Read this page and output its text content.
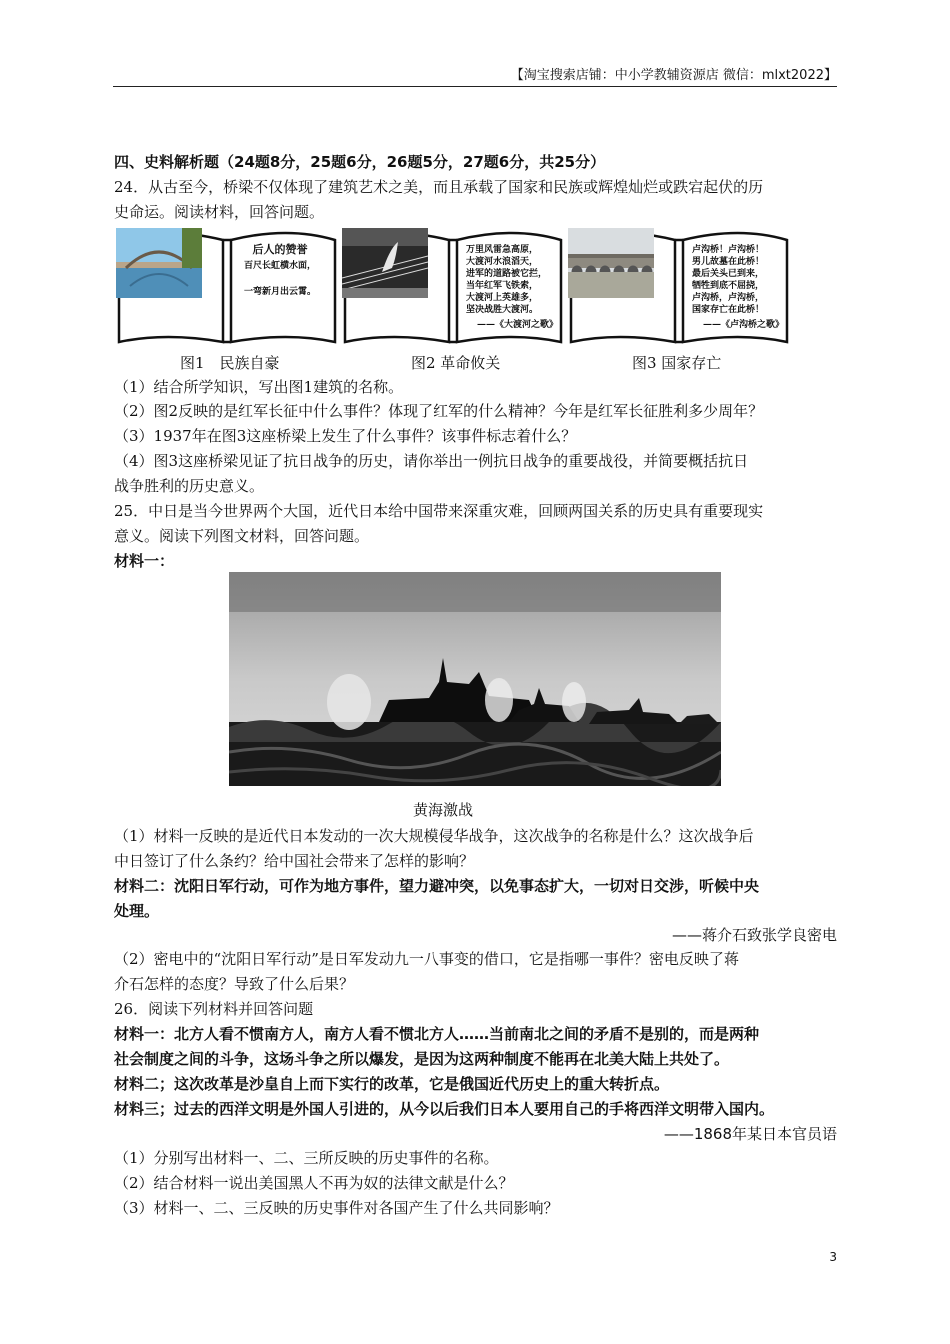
【淘宝搜索店铺：中小学教辅资源店 微信：mlxt2022】
四、史料解析题（24题8分，25题6分，26题5分，27题6分，共25分）
24．从古至今，桥梁不仅体现了建筑艺术之美，而且承载了国家和民族或辉煌灿烂或跌宕起伏的历
史命运。阅读材料，回答问题。
后人的赞誉
百尺长虹横水面，
一弯新月出云霄。
万里风雷急高原，
大渡河水浪滔天，
进军的道路被它拦，
当年红军飞铁索，
大渡河上英雄多，
坚决战胜大渡河。
——《大渡河之歌》
卢沟桥！卢沟桥！
男儿故墓在此桥！
最后关头已到来，
牺牲到底不屈挠，
卢沟桥，卢沟桥，
国家存亡在此桥！
——《卢沟桥之歌》
图1　民族自豪	图2 革命攸关	图3 国家存亡
（1）结合所学知识，写出图1建筑的名称。
（2）图2反映的是红军长征中什么事件？体现了红军的什么精神？今年是红军长征胜利多少周年？
（3）1937年在图3这座桥梁上发生了什么事件？该事件标志着什么？
（4）图3这座桥梁见证了抗日战争的历史，请你举出一例抗日战争的重要战役，并简要概括抗日
战争胜利的历史意义。
25．中日是当今世界两个大国，近代日本给中国带来深重灾难，回顾两国关系的历史具有重要现实
意义。阅读下列图文材料，回答问题。
材料一：
黄海激战
（1）材料一反映的是近代日本发动的一次大规模侵华战争，这次战争的名称是什么？这次战争后
中日签订了什么条约？给中国社会带来了怎样的影响？
材料二：沈阳日军行动，可作为地方事件，望力避冲突，以免事态扩大，一切对日交涉，听候中央
处理。
——蒋介石致张学良密电
（2）密电中的“沈阳日军行动”是日军发动九一八事变的借口，它是指哪一事件？密电反映了蒋
介石怎样的态度？导致了什么后果？
26．阅读下列材料并回答问题
材料一：北方人看不惯南方人，南方人看不惯北方人……当前南北之间的矛盾不是别的，而是两种
社会制度之间的斗争，这场斗争之所以爆发，是因为这两种制度不能再在北美大陆上共处了。
材料二；这次改革是沙皇自上而下实行的改革，它是俄国近代历史上的重大转折点。
材料三；过去的西洋文明是外国人引进的，从今以后我们日本人要用自己的手将西洋文明带入国内。
——1868年某日本官员语
（1）分别写出材料一、二、三所反映的历史事件的名称。
（2）结合材料一说出美国黑人不再为奴的法律文献是什么？
（3）材料一、二、三反映的历史事件对各国产生了什么共同影响？
3
